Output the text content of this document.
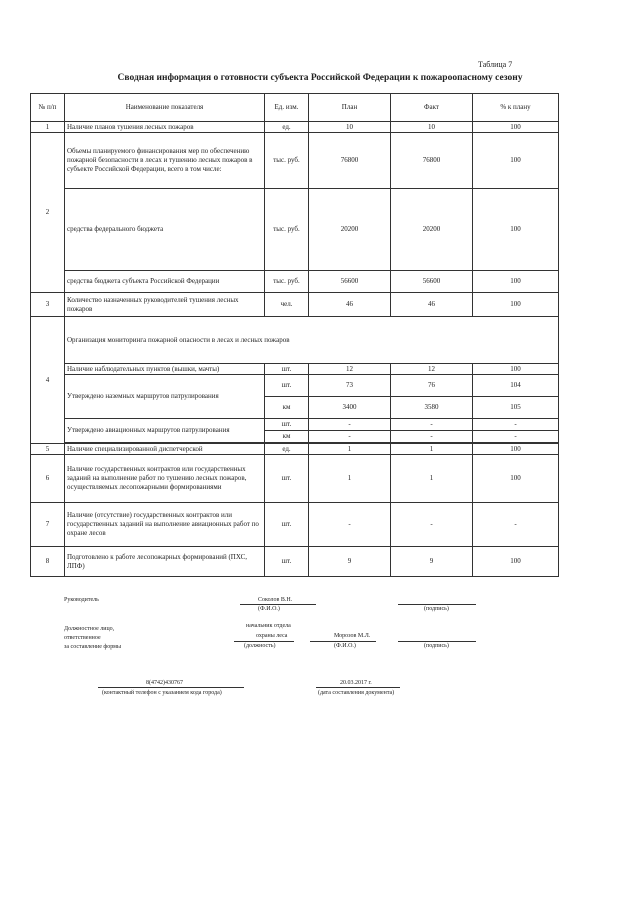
Таблица 7
Сводная информация о готовности субъекта Российской Федерации к пожароопасному сезону
№ п/п	Наименование показателя	Ед. изм.	План	Факт	% к плану
1	Наличие планов тушения лесных пожаров	ед.	10	10	100
2	Объемы планируемого финансирования мер по обеспечению пожарной безопасности в лесах и тушению лесных пожаров в субъекте Российской Федерации, всего в том числе:	тыс. руб.	76800	76800	100
	средства федерального бюджета	тыс. руб.	20200	20200	100
	средства бюджета субъекта Российской Федерации	тыс. руб.	56600	56600	100
3	Количество назначенных руководителей тушения лесных пожаров	чел.	46	46	100
4	Организация мониторинга пожарной опасности в лесах и лесных пожаров				
	Наличие наблюдательных пунктов (вышки, мачты)	шт.	12	12	100
	Утверждено наземных маршрутов патрулирования	шт.	73	76	104
		км	3400	3580	105
	Утверждено авиационных маршрутов патрулирования	шт.	-	-	-
		км	-	-	-

5	Наличие специализированной диспетчерской	ед.	1	1	100
6	Наличие государственных контрактов или государственных заданий на выполнение работ по тушению лесных пожаров, осуществляемых лесопожарными формированиями	шт.	1	1	100
7	Наличие (отсутствие) государственных контрактов или государственных заданий на выполнение авиационных работ по охране лесов	шт.	-	-	-
8	Подготовлено к работе лесопожарных формирований (ПХС, ЛПФ)	шт.	9	9	100
Руководитель	Соколов В.Н.
(Ф.И.О.)	(подпись)
Должностное лицо,
ответственное
за составление формы
начальник отдела
охраны леса	Морозов М.Л.
(должность)	(Ф.И.О.)	(подпись)
8(4742)430767
(контактный телефон с указанием кода города)
20.03.2017 г.
(дата составления документа)
